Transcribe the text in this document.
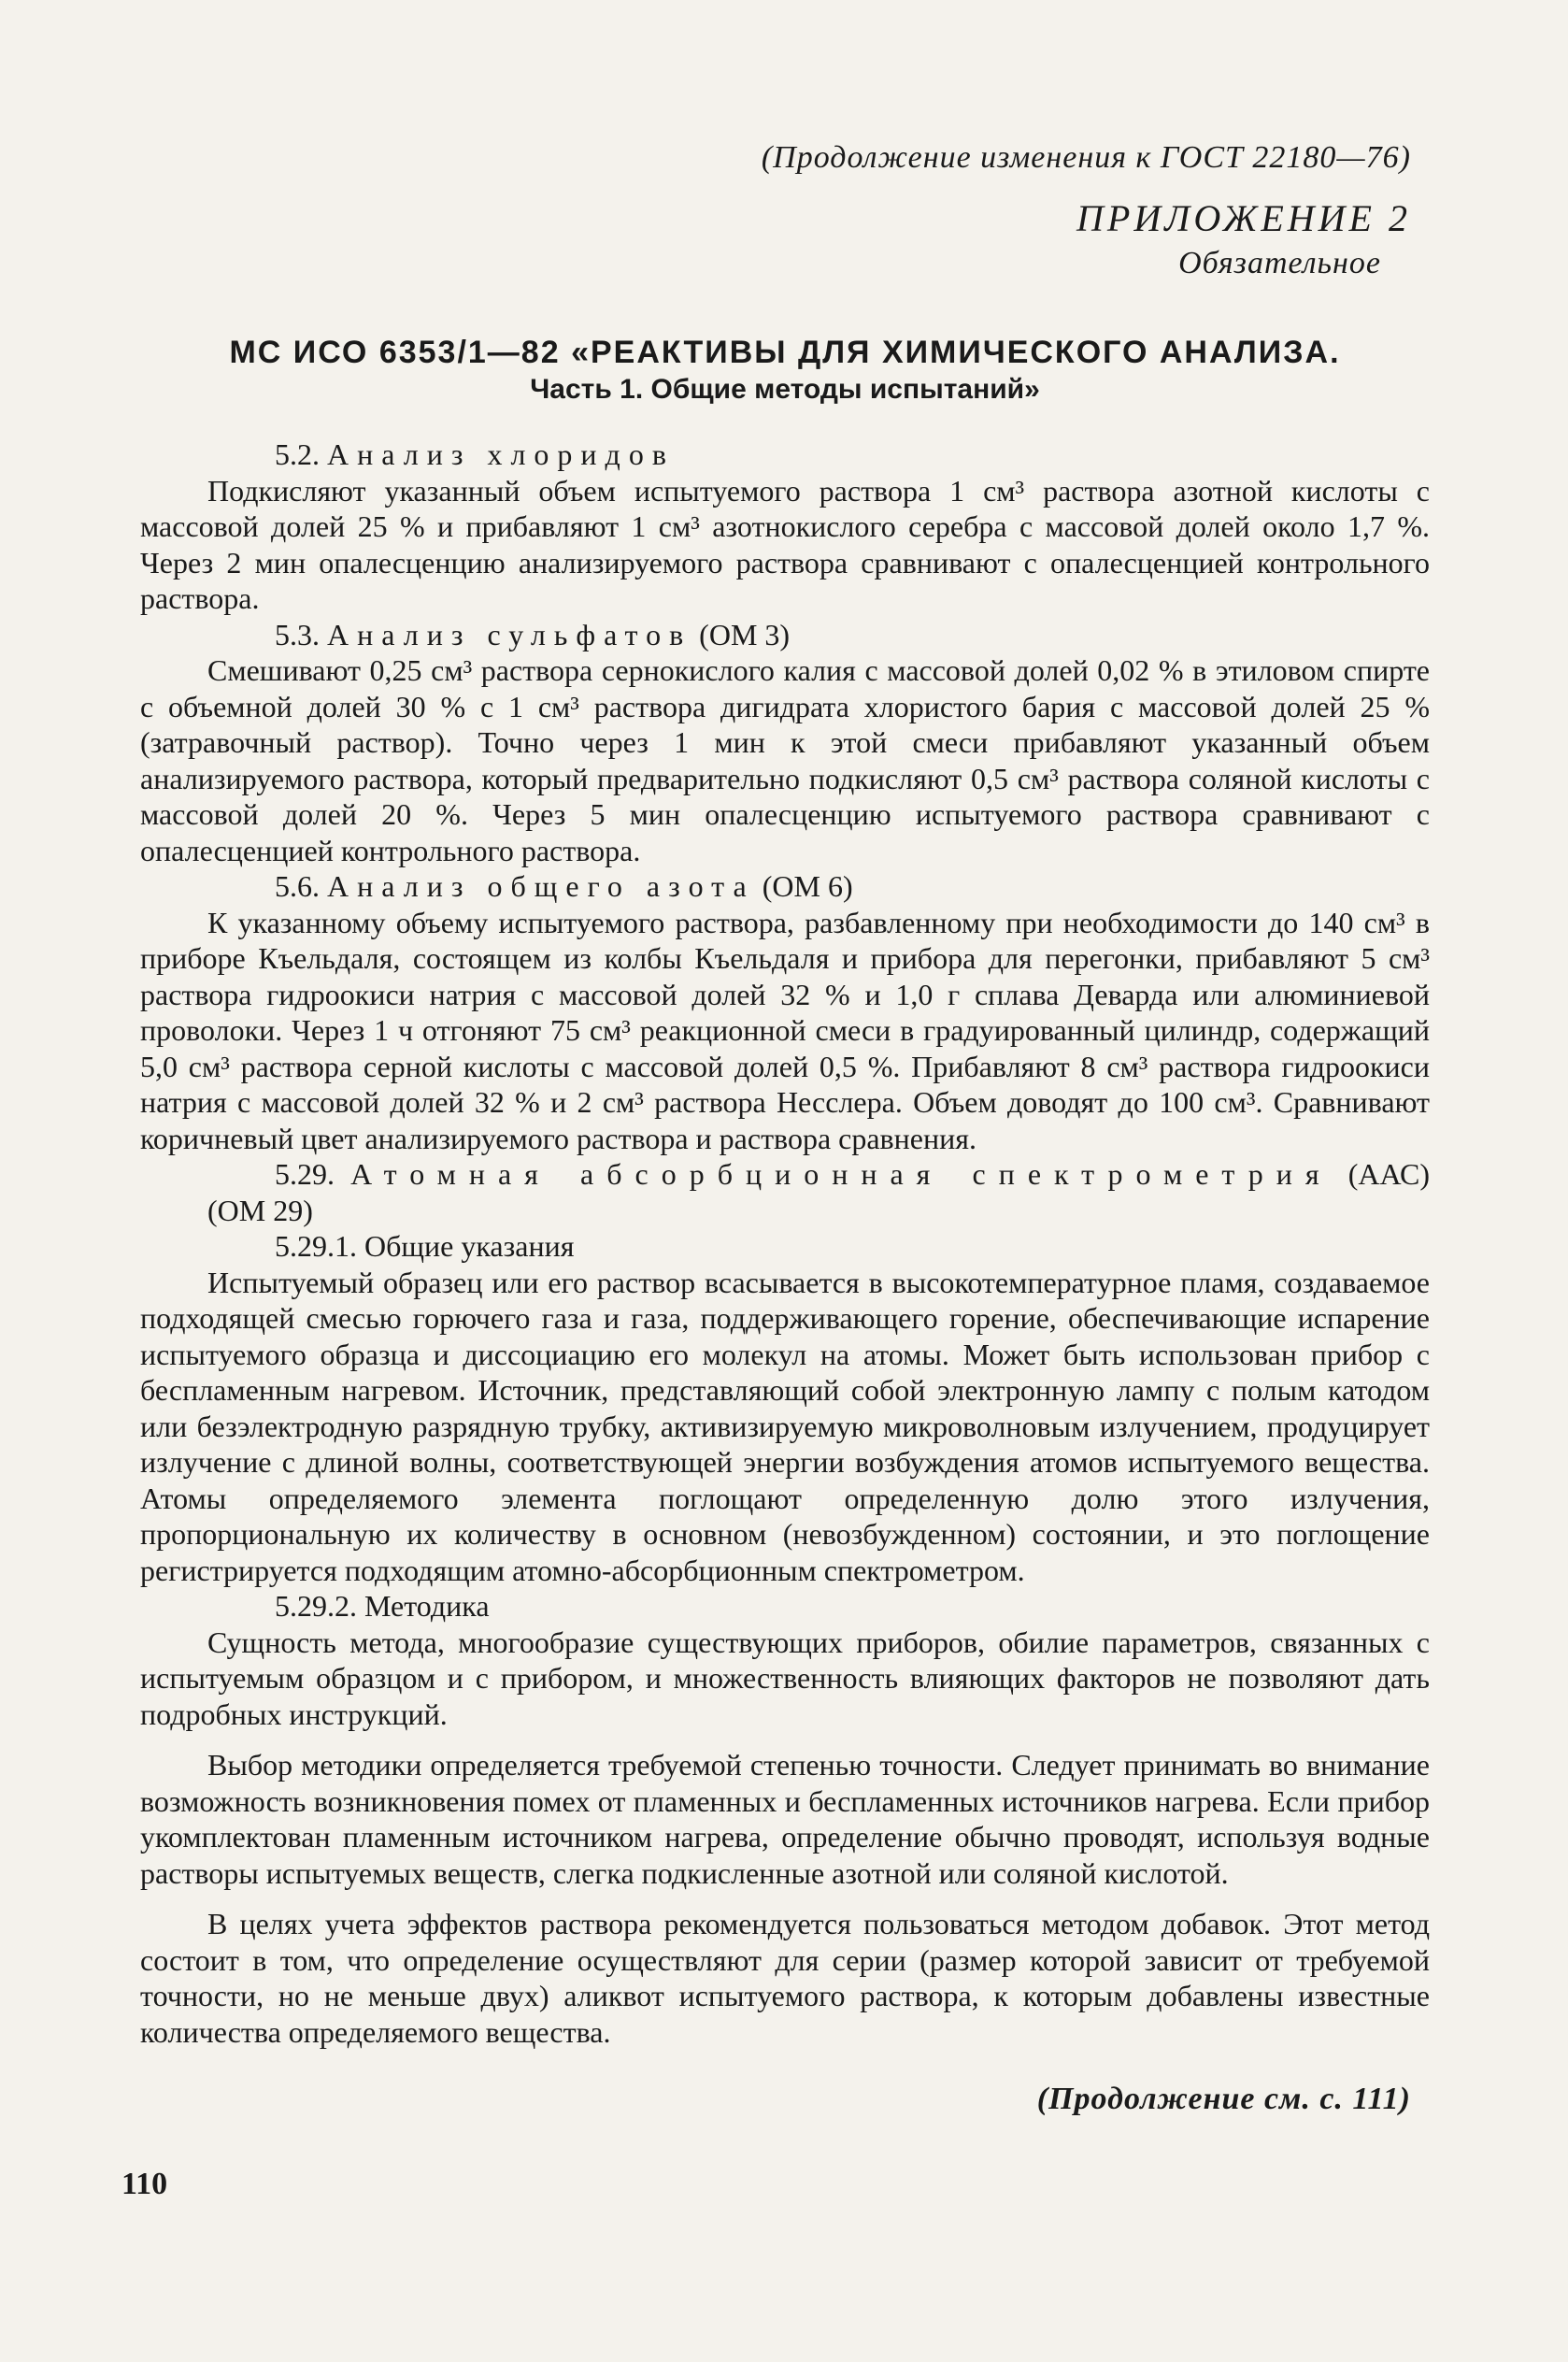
(Продолжение изменения к ГОСТ 22180—76)
ПРИЛОЖЕНИЕ 2
Обязательное
МС ИСО 6353/1—82 «РЕАКТИВЫ ДЛЯ ХИМИЧЕСКОГО АНАЛИЗА.
Часть 1. Общие методы испытаний»

5.2. Анализ хлоридов

Подкисляют указанный объем испытуемого раствора 1 см³ раствора азотной кислоты с массовой долей 25 % и прибавляют 1 см³ азотнокислого серебра с массовой долей около 1,7 %. Через 2 мин опалесценцию анализируемого раствора сравнивают с опалесценцией контрольного раствора.

5.3. Анализ сульфатов (ОМ 3)

Смешивают 0,25 см³ раствора сернокислого калия с массовой долей 0,02 % в этиловом спирте с объемной долей 30 % с 1 см³ раствора дигидрата хлористого бария с массовой долей 25 % (затравочный раствор). Точно через 1 мин к этой смеси прибавляют указанный объем анализируемого раствора, который предварительно подкисляют 0,5 см³ раствора соляной кислоты с массовой долей 20 %. Через 5 мин опалесценцию испытуемого раствора сравнивают с опалесценцией контрольного раствора.

5.6. Анализ общего азота (ОМ 6)

К указанному объему испытуемого раствора, разбавленному при необходимости до 140 см³ в приборе Къельдаля, состоящем из колбы Къельдаля и прибора для перегонки, прибавляют 5 см³ раствора гидроокиси натрия с массовой долей 32 % и 1,0 г сплава Деварда или алюминиевой проволоки. Через 1 ч отгоняют 75 см³ реакционной смеси в градуированный цилиндр, содержащий 5,0 см³ раствора серной кислоты с массовой долей 0,5 %. Прибавляют 8 см³ раствора гидроокиси натрия с массовой долей 32 % и 2 см³ раствора Несслера. Объем доводят до 100 см³. Сравнивают коричневый цвет анализируемого раствора и раствора сравнения.

5.29. Атомная абсорбционная спектрометрия (ААС) (ОМ 29)

5.29.1. Общие указания

Испытуемый образец или его раствор всасывается в высокотемпературное пламя, создаваемое подходящей смесью горючего газа и газа, поддерживающего горение, обеспечивающие испарение испытуемого образца и диссоциацию его молекул на атомы. Может быть использован прибор с беспламенным нагревом. Источник, представляющий собой электронную лампу с полым катодом или безэлектродную разрядную трубку, активизируемую микроволновым излучением, продуцирует излучение с длиной волны, соответствующей энергии возбуждения атомов испытуемого вещества. Атомы определяемого элемента поглощают определенную долю этого излучения, пропорциональную их количеству в основном (невозбужденном) состоянии, и это поглощение регистрируется подходящим атомно-абсорбционным спектрометром.

5.29.2. Методика

Сущность метода, многообразие существующих приборов, обилие параметров, связанных с испытуемым образцом и с прибором, и множественность влияющих факторов не позволяют дать подробных инструкций.

Выбор методики определяется требуемой степенью точности. Следует принимать во внимание возможность возникновения помех от пламенных и беспламенных источников нагрева. Если прибор укомплектован пламенным источником нагрева, определение обычно проводят, используя водные растворы испытуемых веществ, слегка подкисленные азотной или соляной кислотой.

В целях учета эффектов раствора рекомендуется пользоваться методом добавок. Этот метод состоит в том, что определение осуществляют для серии (размер которой зависит от требуемой точности, но не меньше двух) аликвот испытуемого раствора, к которым добавлены известные количества определяемого вещества.

(Продолжение см. с. 111)
110
